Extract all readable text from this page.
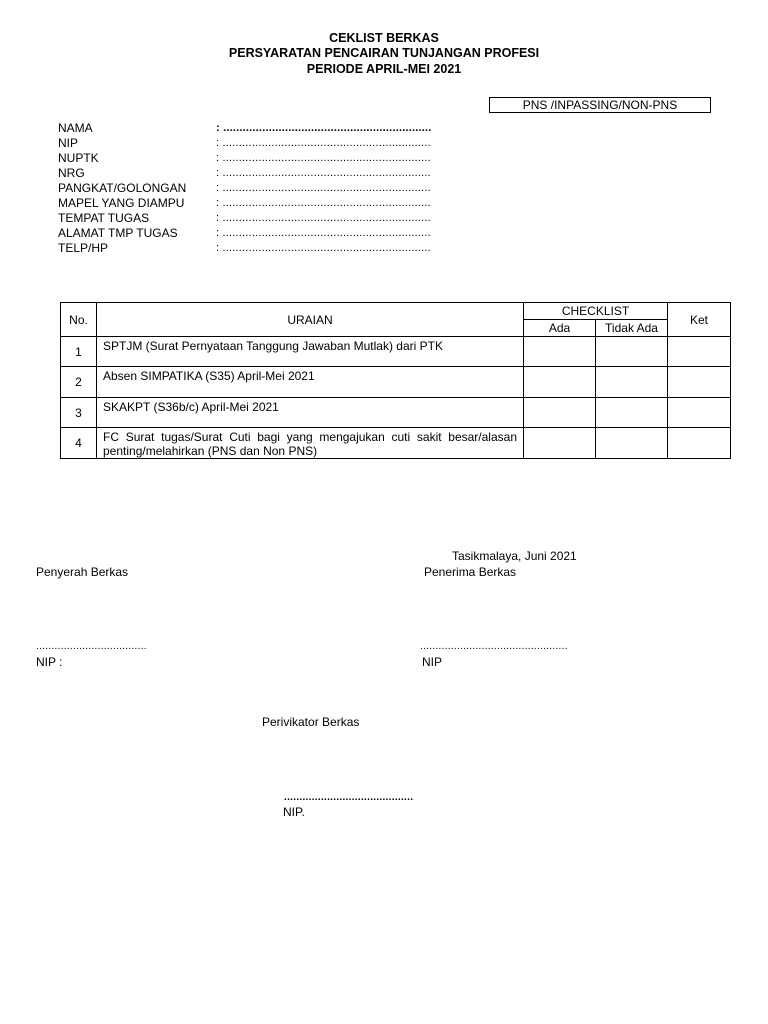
CEKLIST BERKAS
PERSYARATAN PENCAIRAN TUNJANGAN PROFESI
PERIODE APRIL-MEI 2021
PNS /INPASSING/NON-PNS
NAMA	: ................................................................
NIP	: ................................................................
NUPTK	: ................................................................
NRG	: ................................................................
PANGKAT/GOLONGAN	: ................................................................
MAPEL YANG DIAMPU	: ................................................................
TEMPAT TUGAS	: ................................................................
ALAMAT TMP TUGAS	: ................................................................
TELP/HP	: ................................................................
No.	URAIAN	CHECKLIST		Ket
		Ada	Tidak Ada	
1	SPTJM (Surat Pernyataan Tanggung Jawaban Mutlak) dari PTK			
2	Absen SIMPATIKA (S35) April-Mei 2021			
3	SKAKPT (S36b/c) April-Mei 2021			
4	FC Surat tugas/Surat Cuti bagi yang mengajukan cuti sakit besar/alasan penting/melahirkan (PNS dan Non PNS)			
Tasikmalaya, Juni 2021
Penyerah Berkas	Penerima Berkas
....................................	................................................
NIP :	NIP
Perivikator Berkas
..........................................
NIP.
